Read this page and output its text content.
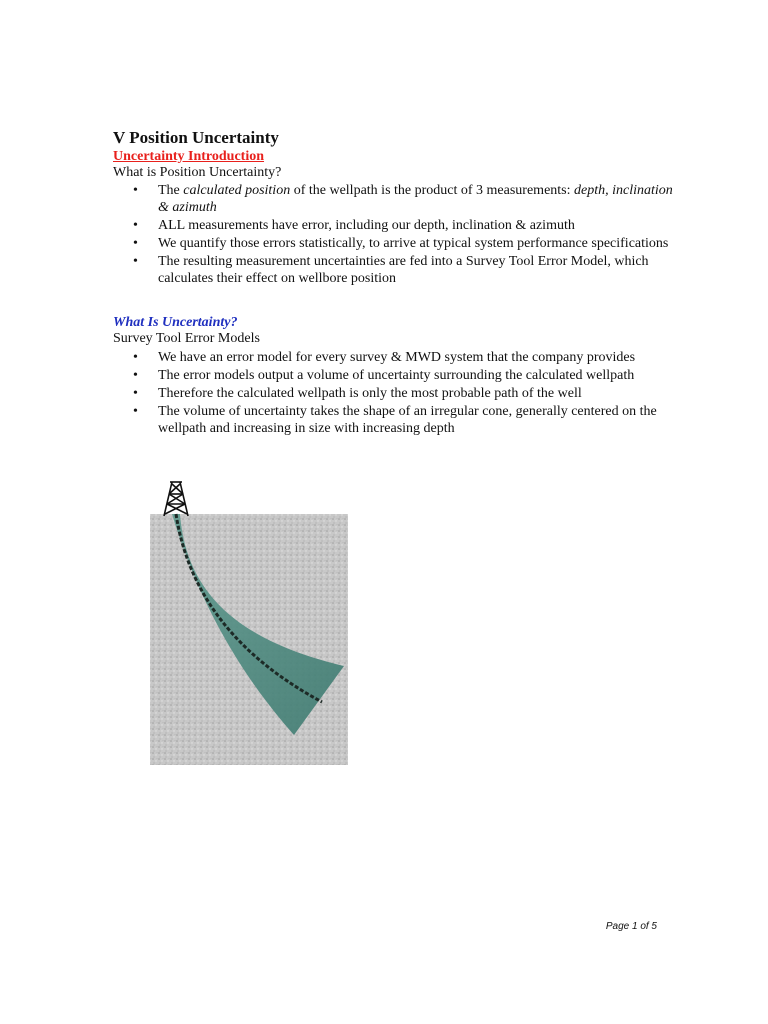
V Position Uncertainty
Uncertainty Introduction
What is Position Uncertainty?
• The calculated position of the wellpath is the product of 3 measurements: depth, inclination & azimuth
• ALL measurements have error, including our depth, inclination & azimuth
• We quantify those errors statistically, to arrive at typical system performance specifications
• The resulting measurement uncertainties are fed into a Survey Tool Error Model, which calculates their effect on wellbore position
What Is Uncertainty?
Survey Tool Error Models
• We have an error model for every survey & MWD system that the company provides
• The error models output a volume of uncertainty surrounding the calculated wellpath
• Therefore the calculated wellpath is only the most probable path of the well
• The volume of uncertainty takes the shape of an irregular cone, generally centered on the wellpath and increasing in size with increasing depth
Page 1 of 5
